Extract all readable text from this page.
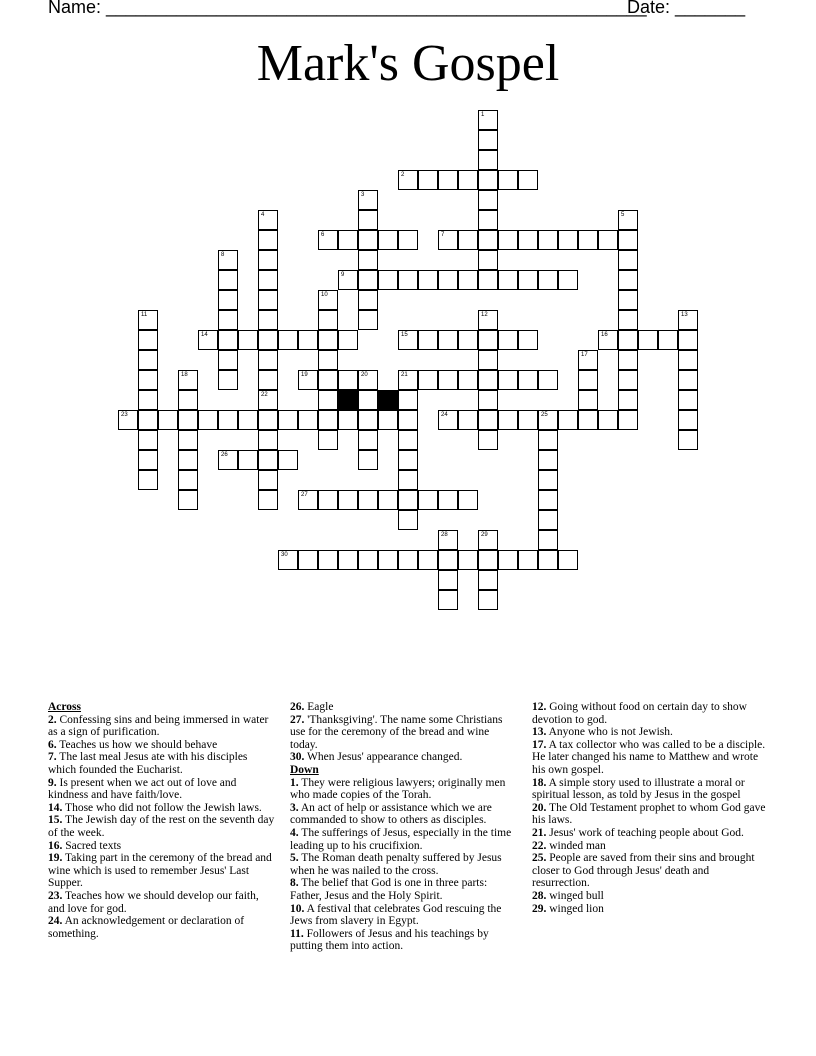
Name: ______________________________________________________
Date: _______
Mark's Gospel
1
2
3
4	5
6	7
8
9
10
11	12	13
14	15	16
17
18	19	20	21
22
23	24	25
26
27
28	29
30

Across

2. Confessing sins and being immersed in water as a sign of purification.

6. Teaches us how we should behave

7. The last meal Jesus ate with his disciples which founded the Eucharist.

9. Is present when we act out of love and kindness and have faith/love.

14. Those who did not follow the Jewish laws.

15. The Jewish day of the rest on the seventh day of the week.

16. Sacred texts

19. Taking part in the ceremony of the bread and wine which is used to remember Jesus' Last Supper.

23. Teaches how we should develop our faith, and love for god.

24. An acknowledgement or declaration of something.

26. Eagle

27. 'Thanksgiving'. The name some Christians use for the ceremony of the bread and wine today.

30. When Jesus' appearance changed.

Down

1. They were religious lawyers; originally men who made copies of the Torah.

3. An act of help or assistance which we are commanded to show to others as disciples.

4. The sufferings of Jesus, especially in the time leading up to his crucifixion.

5. The Roman death penalty suffered by Jesus when he was nailed to the cross.

8. The belief that God is one in three parts: Father, Jesus and the Holy Spirit.

10. A festival that celebrates God rescuing the Jews from slavery in Egypt.

11. Followers of Jesus and his teachings by putting them into action.

12. Going without food on certain day to show devotion to god.

13. Anyone who is not Jewish.

17. A tax collector who was called to be a disciple. He later changed his name to Matthew and wrote his own gospel.

18. A simple story used to illustrate a moral or spiritual lesson, as told by Jesus in the gospel

20. The Old Testament prophet to whom God gave his laws.

21. Jesus' work of teaching people about God.

22. winded man

25. People are saved from their sins and brought closer to God through Jesus' death and resurrection.

28. winged bull

29. winged lion
